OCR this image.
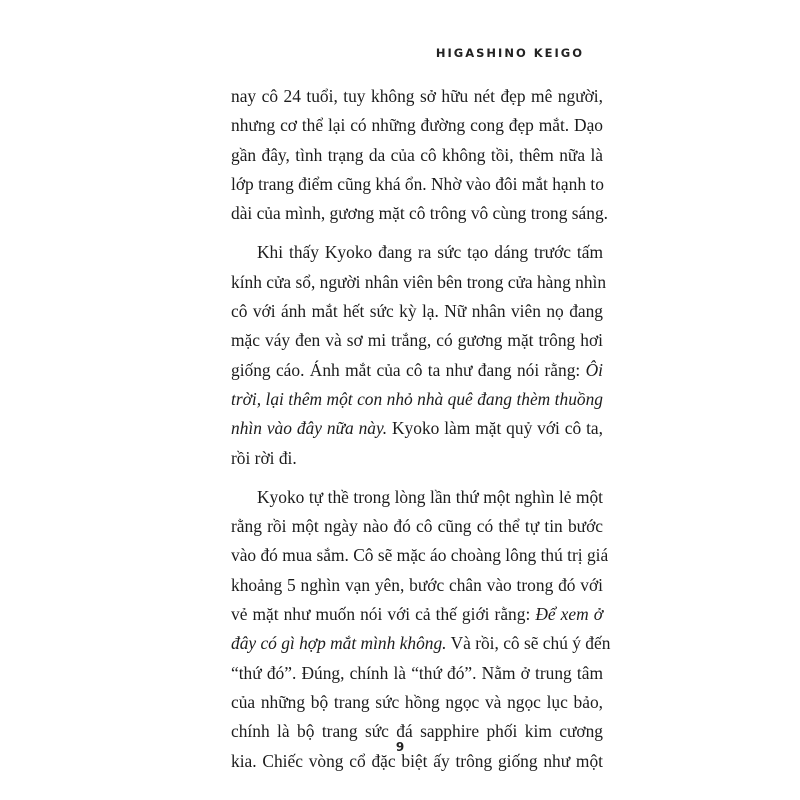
HIGASHINO KEIGO
nay cô 24 tuổi, tuy không sở hữu nét đẹp mê người,
nhưng cơ thể lại có những đường cong đẹp mắt. Dạo
gần đây, tình trạng da của cô không tồi, thêm nữa là
lớp trang điểm cũng khá ổn. Nhờ vào đôi mắt hạnh to
dài của mình, gương mặt cô trông vô cùng trong sáng.
Khi thấy Kyoko đang ra sức tạo dáng trước tấm
kính cửa sổ, người nhân viên bên trong cửa hàng nhìn
cô với ánh mắt hết sức kỳ lạ. Nữ nhân viên nọ đang
mặc váy đen và sơ mi trắng, có gương mặt trông hơi
giống cáo. Ánh mắt của cô ta như đang nói rằng: Ôi
trời, lại thêm một con nhỏ nhà quê đang thèm thuồng
nhìn vào đây nữa này. Kyoko làm mặt quỷ với cô ta,
rồi rời đi.
Kyoko tự thề trong lòng lần thứ một nghìn lẻ một
rằng rồi một ngày nào đó cô cũng có thể tự tin bước
vào đó mua sắm. Cô sẽ mặc áo choàng lông thú trị giá
khoảng 5 nghìn vạn yên, bước chân vào trong đó với
vẻ mặt như muốn nói với cả thế giới rằng: Để xem ở
đây có gì hợp mắt mình không. Và rồi, cô sẽ chú ý đến
“thứ đó”. Đúng, chính là “thứ đó”. Nằm ở trung tâm
của những bộ trang sức hồng ngọc và ngọc lục bảo,
chính là bộ trang sức đá sapphire phối kim cương
kia. Chiếc vòng cổ đặc biệt ấy trông giống như một
9
